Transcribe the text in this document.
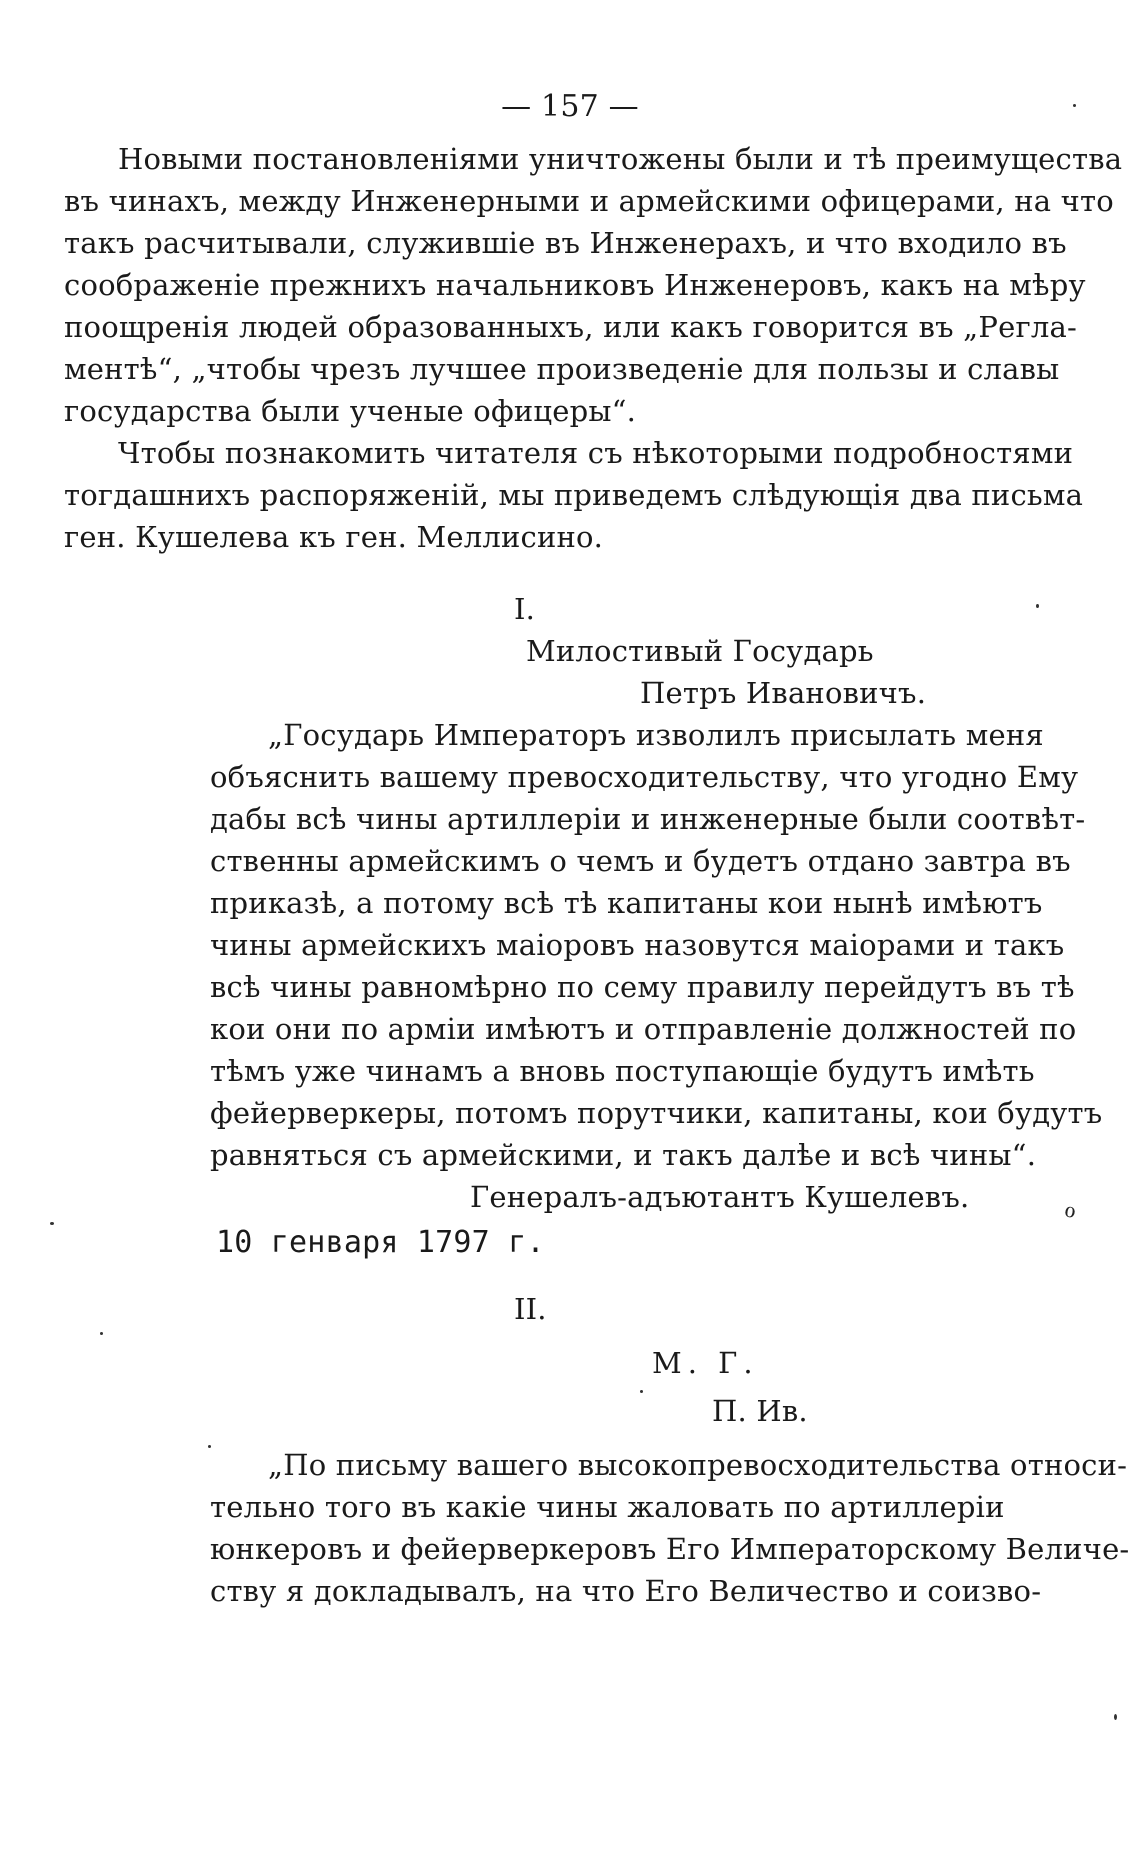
— 157 —
Новыми постановленіями уничтожены были и тѣ преимущества
въ чинахъ, между Инженерными и армейскими офицерами, на что
такъ расчитывали, служившіе въ Инженерахъ, и что входило въ
соображеніе прежнихъ начальниковъ Инженеровъ, какъ на мѣру
поощренія людей образованныхъ, или какъ говорится въ „Регла-
ментѣ“, „чтобы чрезъ лучшее произведеніе для пользы и славы
государства были ученые офицеры“.
Чтобы познакомить читателя съ нѣкоторыми подробностями
тогдашнихъ распоряженій, мы приведемъ слѣдующія два письма
ген. Кушелева къ ген. Меллисино.
I.
Милостивый Государь
Петръ Ивановичъ.
„Государь Императоръ изволилъ присылать меня
объяснить вашему превосходительству, что угодно Ему
дабы всѣ чины артиллеріи и инженерные были соотвѣт-
ственны армейскимъ о чемъ и будетъ отдано завтра въ
приказѣ, а потому всѣ тѣ капитаны кои нынѣ имѣютъ
чины армейскихъ маіоровъ назовутся маіорами и такъ
всѣ чины равномѣрно по сему правилу перейдутъ въ тѣ
кои они по арміи имѣютъ и отправленіе должностей по
тѣмъ уже чинамъ а вновь поступающіе будутъ имѣть
фейерверкеры, потомъ порутчики, капитаны, кои будутъ
равняться съ армейскими, и такъ далѣе и всѣ чины“.
Генералъ-адъютантъ Кушелевъ.
10 генваря 1797 г.
II.
М. Г.
П. Ив.
„По письму вашего высокопревосходительства относи-
тельно того въ какіе чины жаловать по артиллеріи
юнкеровъ и фейерверкеровъ Его Императорскому Величе-
ству я докладывалъ, на что Его Величество и соизво-
ℴ
